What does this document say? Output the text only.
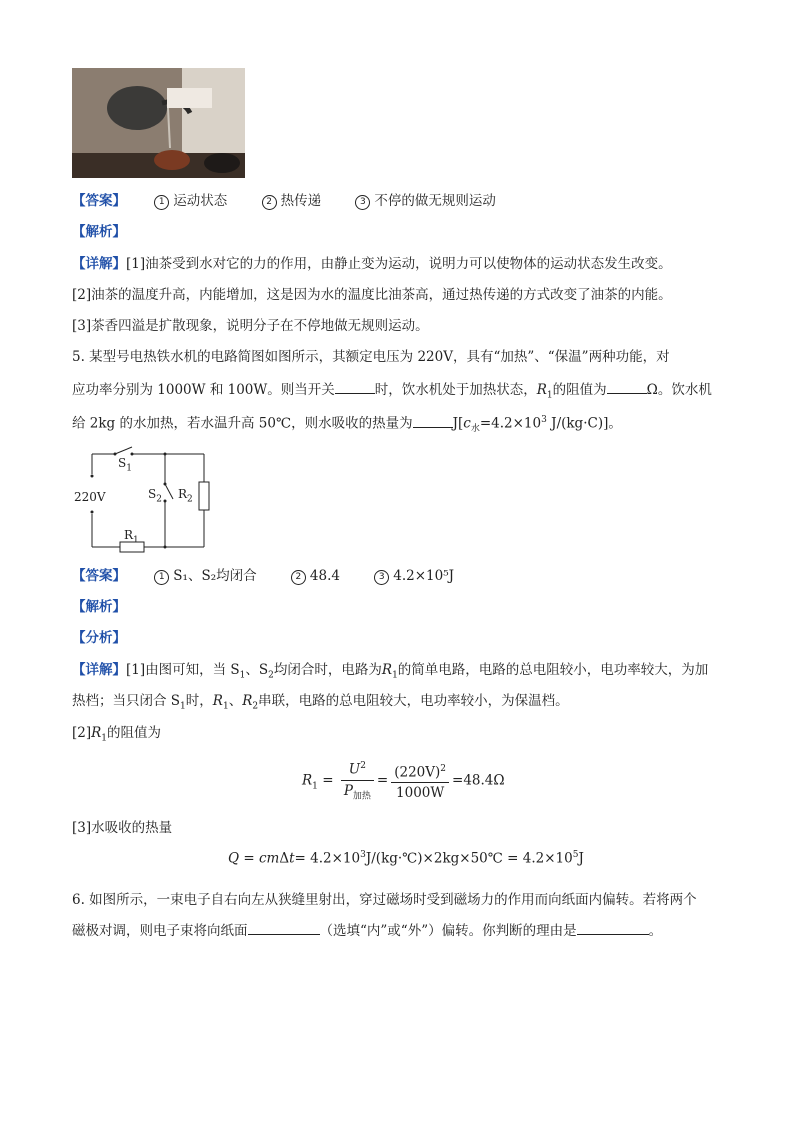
【答案】	1 运动状态	2 热传递	3 不停的做无规则运动
【解析】
【详解】[1]油茶受到水对它的力的作用，由静止变为运动，说明力可以使物体的运动状态发生改变。
[2]油茶的温度升高，内能增加，这是因为水的温度比油茶高，通过热传递的方式改变了油茶的内能。
[3]茶香四溢是扩散现象，说明分子在不停地做无规则运动。
5. 某型号电热铁水机的电路简图如图所示，其额定电压为 220V，具有“加热”、“保温”两种功能，对
应功率分别为 1000W 和 100W。则当开关	时，饮水机处于加热状态，$R_1$的阻值为	Ω。饮水机
给 2kg 的水加热，若水温升高 50℃，则水吸收的热量为	$J[c_水=4.2\times 10^3$ J/(kg·C)]。
$S_1$
$S_2$ $R_2$
$R_1$
220V
【答案】	1 S₁、S₂均闭合	2 48.4	3 4.2×10⁵J
【解析】
【分析】
【详解】[1]由图可知，当 $S_1$、$S_2$均闭合时，电路为$R_1$的简单电路，电路的总电阻较小，电功率较大，为加
热档；当只闭合 $S_1$时，$R_1$、$R_2$串联，电路的总电阻较大，电功率较小，为保温档。
$[2]R_1$的阻值为
$R_1 = \frac{U^2}{P_{加热}} = \frac{(220V)^2}{1000W} =48.4\Omega$
[3]水吸收的热量
$Q = cm\Delta t= 4.2\times 10^3J/(kg\cdot℃)\times 2kg\times 50℃ = 4.2\times 10^5J$
6. 如图所示，一束电子自右向左从狭缝里射出，穿过磁场时受到磁场力的作用而向纸面内偏转。若将两个
磁极对调，则电子束将向纸面	（选填“内”或“外”）偏转。你判断的理由是	。
